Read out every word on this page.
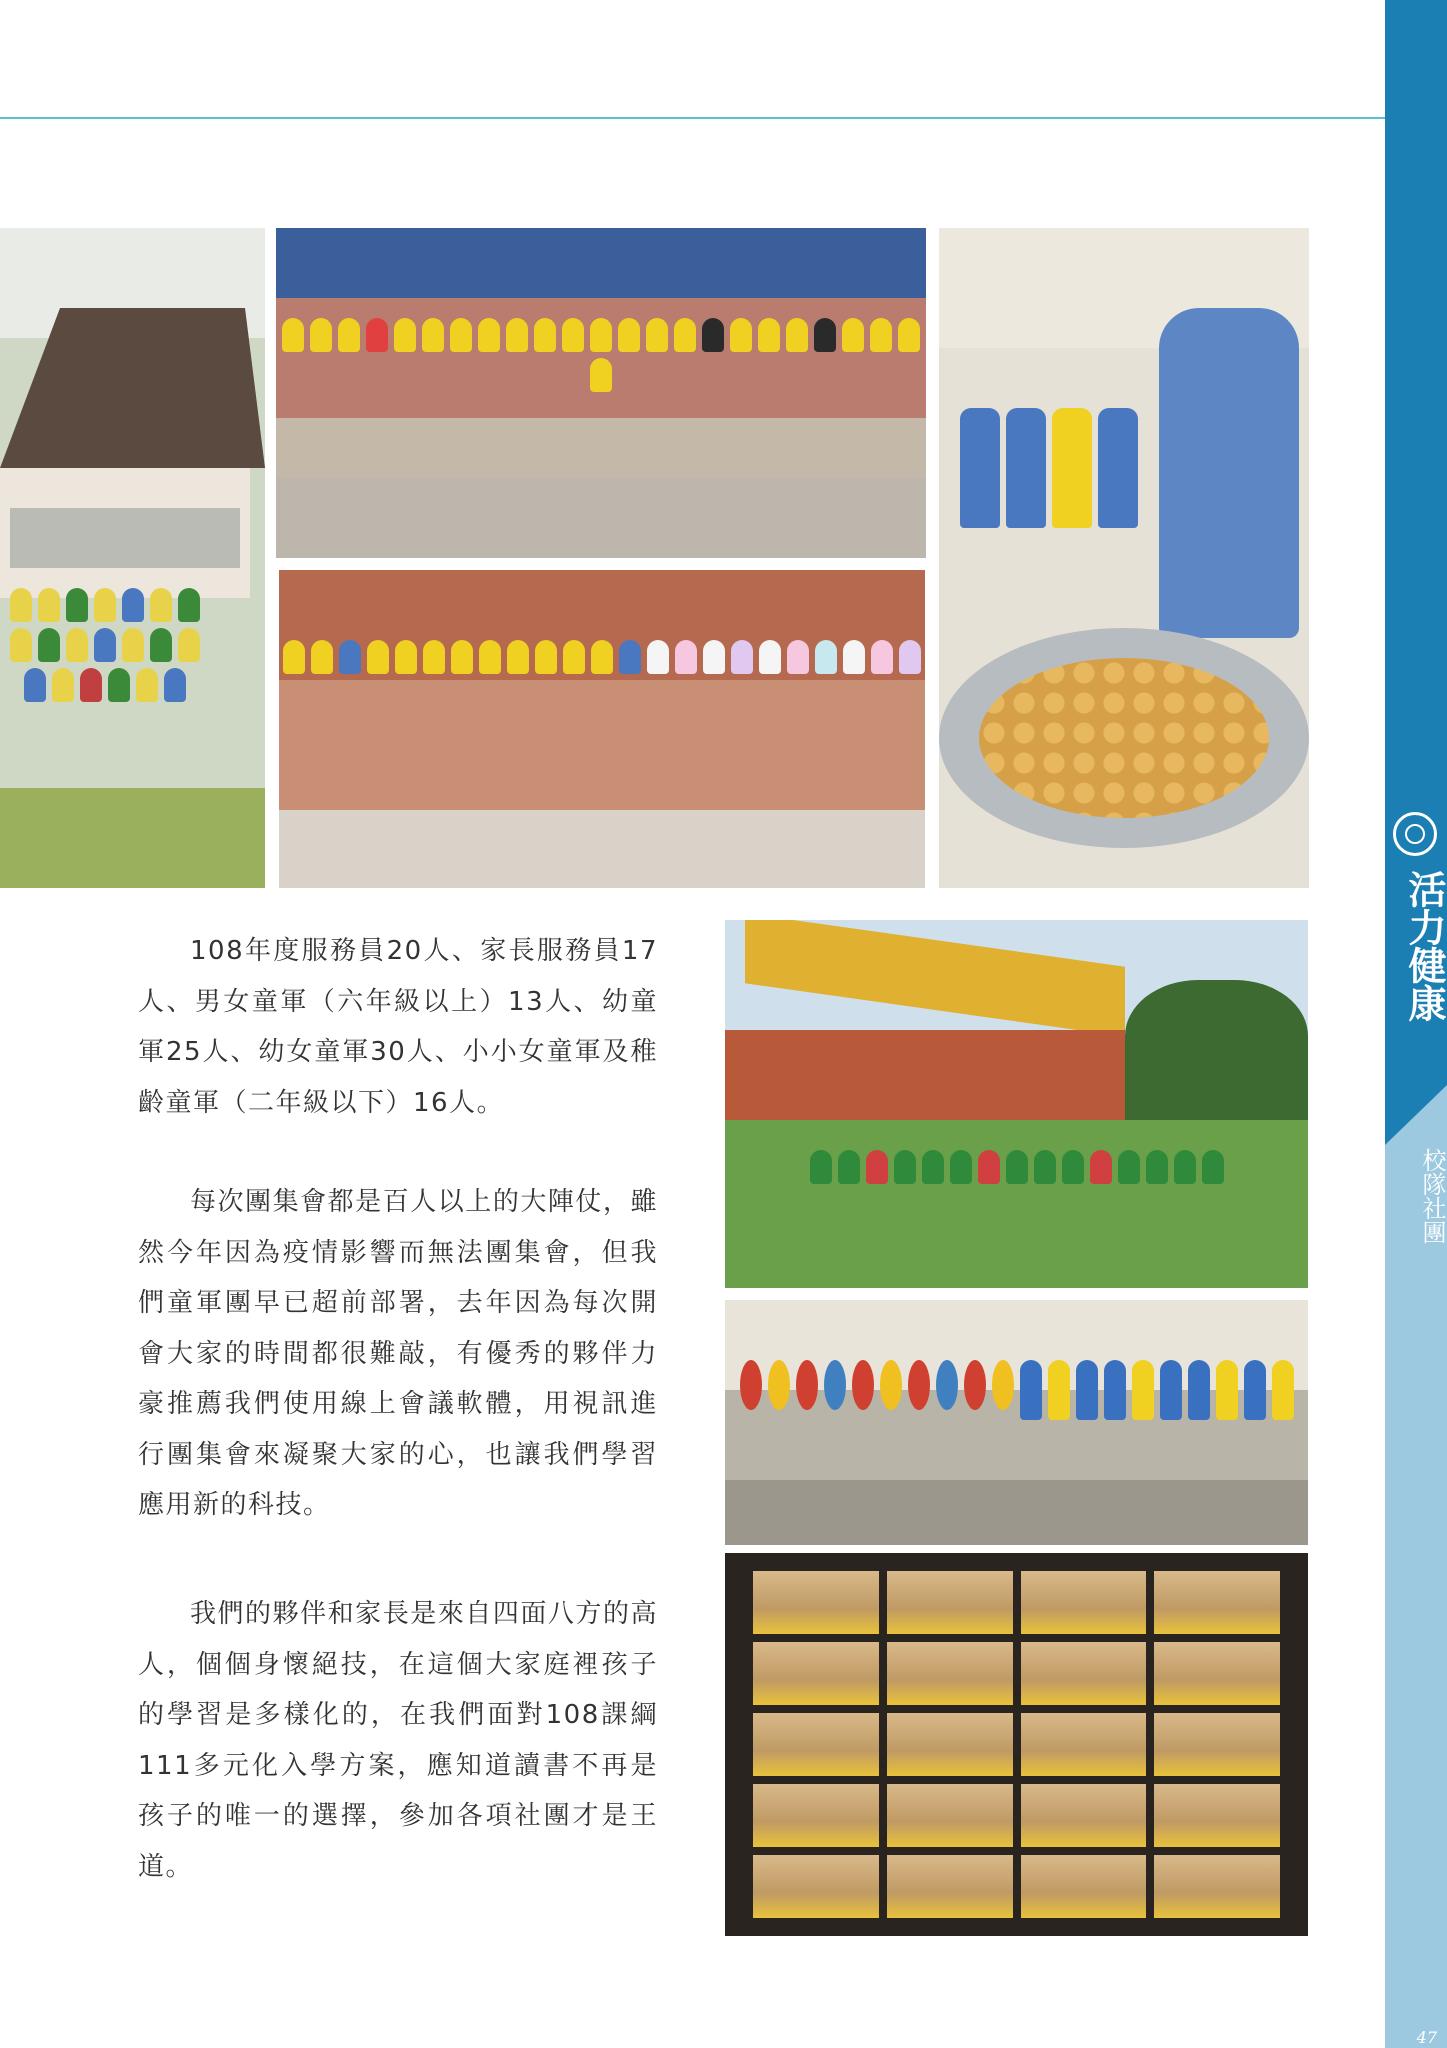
108年度服務員20人、家長服務員17人、男女童軍（六年級以上）13人、幼童軍25人、幼女童軍30人、小小女童軍及稚齡童軍（二年級以下）16人。

每次團集會都是百人以上的大陣仗，雖然今年因為疫情影響而無法團集會，但我們童軍團早已超前部署，去年因為每次開會大家的時間都很難敲，有優秀的夥伴力豪推薦我們使用線上會議軟體，用視訊進行團集會來凝聚大家的心，也讓我們學習應用新的科技。

我們的夥伴和家長是來自四面八方的高人，個個身懷絕技，在這個大家庭裡孩子的學習是多樣化的，在我們面對108課綱111多元化入學方案，應知道讀書不再是孩子的唯一的選擇，參加各項社團才是王道。

活力健康
校隊社團
47
